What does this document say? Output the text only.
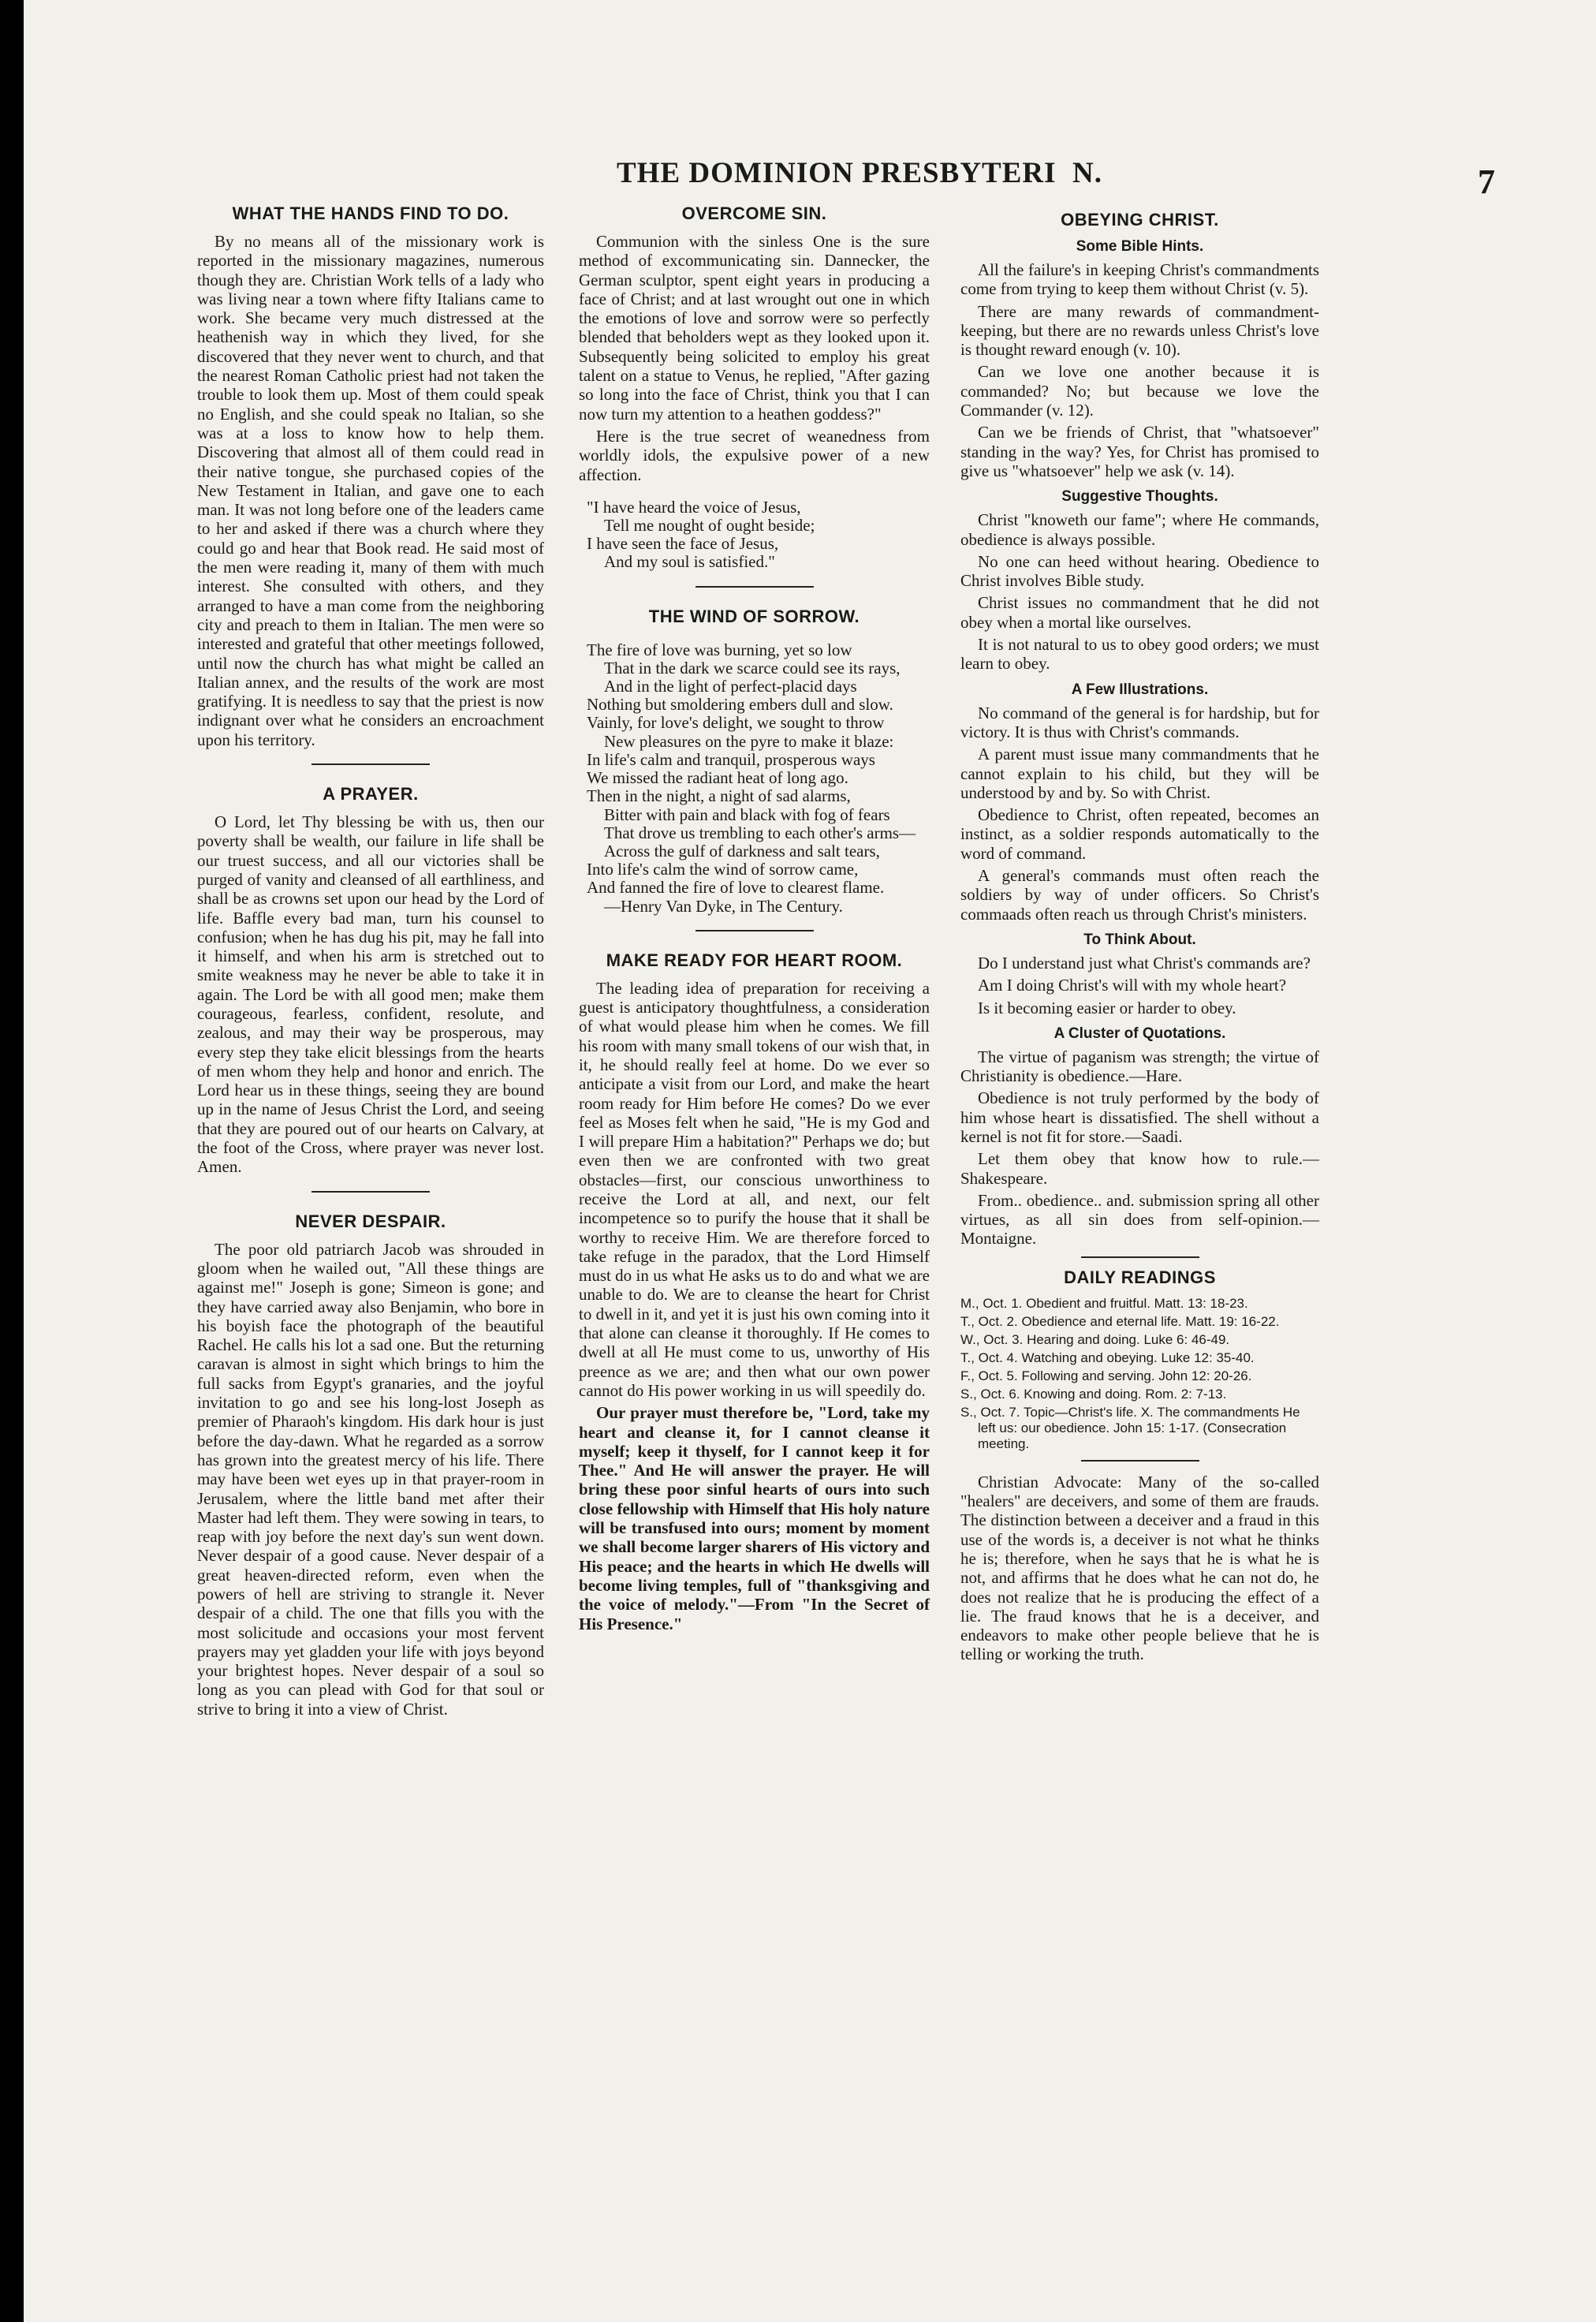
THE DOMINION PRESBYTERI  N.	7
WHAT THE HANDS FIND TO DO.

By no means all of the missionary work is reported in the missionary magazines, numerous though they are. Christian Work tells of a lady who was living near a town where fifty Italians came to work. She became very much distressed at the heathenish way in which they lived, for she discovered that they never went to church, and that the nearest Roman Catholic priest had not taken the trouble to look them up. Most of them could speak no English, and she could speak no Italian, so she was at a loss to know how to help them. Discovering that almost all of them could read in their native tongue, she purchased copies of the New Testament in Italian, and gave one to each man. It was not long before one of the leaders came to her and asked if there was a church where they could go and hear that Book read. He said most of the men were reading it, many of them with much interest. She consulted with others, and they arranged to have a man come from the neighboring city and preach to them in Italian. The men were so interested and grateful that other meetings followed, until now the church has what might be called an Italian annex, and the results of the work are most gratifying. It is needless to say that the priest is now indignant over what he considers an encroachment upon his territory.

A PRAYER.

O Lord, let Thy blessing be with us, then our poverty shall be wealth, our failure in life shall be our truest success, and all our victories shall be purged of vanity and cleansed of all earthliness, and shall be as crowns set upon our head by the Lord of life. Baffle every bad man, turn his counsel to confusion; when he has dug his pit, may he fall into it himself, and when his arm is stretched out to smite weakness may he never be able to take it in again. The Lord be with all good men; make them courageous, fearless, confident, resolute, and zealous, and may their way be prosperous, may every step they take elicit blessings from the hearts of men whom they help and honor and enrich. The Lord hear us in these things, seeing they are bound up in the name of Jesus Christ the Lord, and seeing that they are poured out of our hearts on Calvary, at the foot of the Cross, where prayer was never lost. Amen.

NEVER DESPAIR.

The poor old patriarch Jacob was shrouded in gloom when he wailed out, "All these things are against me!" Joseph is gone; Simeon is gone; and they have carried away also Benjamin, who bore in his boyish face the photograph of the beautiful Rachel. He calls his lot a sad one. But the returning caravan is almost in sight which brings to him the full sacks from Egypt's granaries, and the joyful invitation to go and see his long-lost Joseph as premier of Pharaoh's kingdom. His dark hour is just before the day-dawn. What he regarded as a sorrow has grown into the greatest mercy of his life. There may have been wet eyes up in that prayer-room in Jerusalem, where the little band met after their Master had left them. They were sowing in tears, to reap with joy before the next day's sun went down. Never despair of a good cause. Never despair of a great heaven-directed reform, even when the powers of hell are striving to strangle it. Never despair of a child. The one that fills you with the most solicitude and occasions your most fervent prayers may yet gladden your life with joys beyond your brightest hopes. Never despair of a soul so long as you can plead with God for that soul or strive to bring it into a view of Christ.

OVERCOME SIN.

Communion with the sinless One is the sure method of excommunicating sin. Dannecker, the German sculptor, spent eight years in producing a face of Christ; and at last wrought out one in which the emotions of love and sorrow were so perfectly blended that beholders wept as they looked upon it. Subsequently being solicited to employ his great talent on a statue to Venus, he replied, "After gazing so long into the face of Christ, think you that I can now turn my attention to a heathen goddess?"

Here is the true secret of weanedness from worldly idols, the expulsive power of a new affection.

"I have heard the voice of Jesus,
Tell me nought of ought beside;
I have seen the face of Jesus,
And my soul is satisfied."
THE WIND OF SORROW.
The fire of love was burning, yet so low
That in the dark we scarce could see its rays,
And in the light of perfect-placid days
Nothing but smoldering embers dull and slow.
Vainly, for love's delight, we sought to throw
New pleasures on the pyre to make it blaze:
In life's calm and tranquil, prosperous ways
We missed the radiant heat of long ago.
Then in the night, a night of sad alarms,
Bitter with pain and black with fog of fears
That drove us trembling to each other's arms—
Across the gulf of darkness and salt tears,
Into life's calm the wind of sorrow came,
And fanned the fire of love to clearest flame.
—Henry Van Dyke, in The Century.
MAKE READY FOR HEART ROOM.

The leading idea of preparation for receiving a guest is anticipatory thoughtfulness, a consideration of what would please him when he comes. We fill his room with many small tokens of our wish that, in it, he should really feel at home. Do we ever so anticipate a visit from our Lord, and make the heart room ready for Him before He comes? Do we ever feel as Moses felt when he said, "He is my God and I will prepare Him a habitation?" Perhaps we do; but even then we are confronted with two great obstacles—first, our conscious unworthiness to receive the Lord at all, and next, our felt incompetence so to purify the house that it shall be worthy to receive Him. We are therefore forced to take refuge in the paradox, that the Lord Himself must do in us what He asks us to do and what we are unable to do. We are to cleanse the heart for Christ to dwell in it, and yet it is just his own coming into it that alone can cleanse it thoroughly. If He comes to dwell at all He must come to us, unworthy of His preence as we are; and then what our own power cannot do His power working in us will speedily do.

Our prayer must therefore be, "Lord, take my heart and cleanse it, for I cannot cleanse it myself; keep it thyself, for I cannot keep it for Thee." And He will answer the prayer. He will bring these poor sinful hearts of ours into such close fellowship with Himself that His holy nature will be transfused into ours; moment by moment we shall become larger sharers of His victory and His peace; and the hearts in which He dwells will become living temples, full of "thanksgiving and the voice of melody."—From "In the Secret of His Presence."

OBEYING CHRIST.
Some Bible Hints.

All the failure's in keeping Christ's commandments come from trying to keep them without Christ (v. 5).

There are many rewards of commandment-keeping, but there are no rewards unless Christ's love is thought reward enough (v. 10).

Can we love one another because it is commanded? No; but because we love the Commander (v. 12).

Can we be friends of Christ, that "whatsoever" standing in the way? Yes, for Christ has promised to give us "whatsoever" help we ask (v. 14).

Suggestive Thoughts.

Christ "knoweth our fame"; where He commands, obedience is always possible.

No one can heed without hearing. Obedience to Christ involves Bible study.

Christ issues no commandment that he did not obey when a mortal like ourselves.

It is not natural to us to obey good orders; we must learn to obey.

A Few Illustrations.

No command of the general is for hardship, but for victory. It is thus with Christ's commands.

A parent must issue many commandments that he cannot explain to his child, but they will be understood by and by. So with Christ.

Obedience to Christ, often repeated, becomes an instinct, as a soldier responds automatically to the word of command.

A general's commands must often reach the soldiers by way of under officers. So Christ's commaads often reach us through Christ's ministers.

To Think About.

Do I understand just what Christ's commands are?

Am I doing Christ's will with my whole heart?

Is it becoming easier or harder to obey.

A Cluster of Quotations.

The virtue of paganism was strength; the virtue of Christianity is obedience.—Hare.

Obedience is not truly performed by the body of him whose heart is dissatisfied. The shell without a kernel is not fit for store.—Saadi.

Let them obey that know how to rule.—Shakespeare.

From.. obedience.. and. submission spring all other virtues, as all sin does from self-opinion.—Montaigne.

DAILY READINGS
M., Oct. 1. Obedient and fruitful. Matt. 13: 18-23.
T., Oct. 2. Obedience and eternal life. Matt. 19: 16-22.
W., Oct. 3. Hearing and doing. Luke 6: 46-49.
T., Oct. 4. Watching and obeying. Luke 12: 35-40.
F., Oct. 5. Following and serving. John 12: 20-26.
S., Oct. 6. Knowing and doing. Rom. 2: 7-13.
S., Oct. 7. Topic—Christ's life. X. The commandments He left us: our obedience. John 15: 1-17. (Consecration meeting.

Christian Advocate: Many of the so-called "healers" are deceivers, and some of them are frauds. The distinction between a deceiver and a fraud in this use of the words is, a deceiver is not what he thinks he is; therefore, when he says that he is what he is not, and affirms that he does what he can not do, he does not realize that he is producing the effect of a lie. The fraud knows that he is a deceiver, and endeavors to make other people believe that he is telling or working the truth.
